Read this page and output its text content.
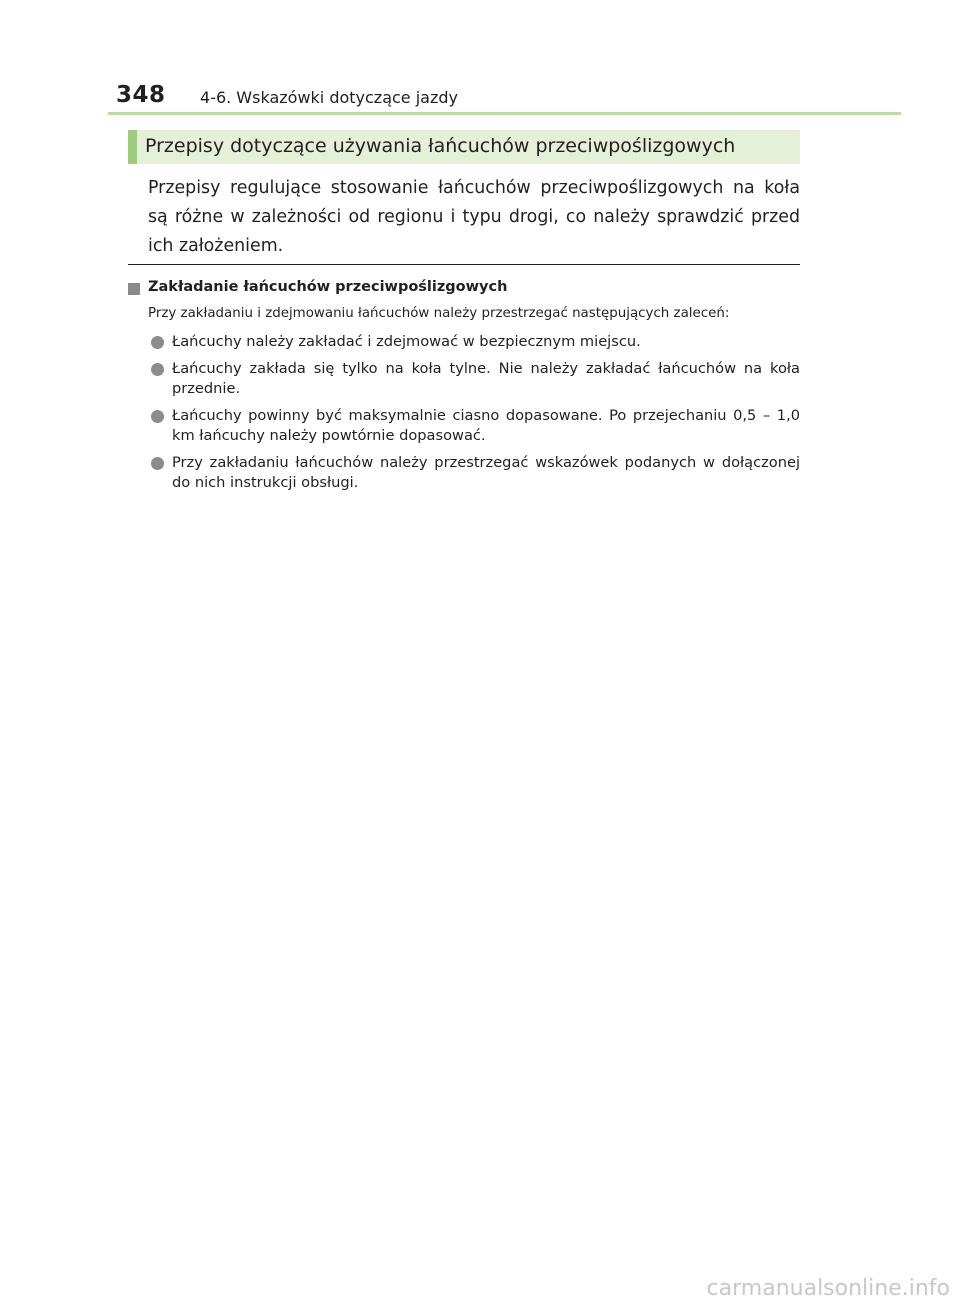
348 4-6. Wskazówki dotyczące jazdy
Przepisy dotyczące używania łańcuchów przeciwpoślizgowych

Przepisy regulujące stosowanie łańcuchów przeciwpoślizgowych na koła są różne w zależności od regionu i typu drogi, co należy sprawdzić przed ich założeniem.

Zakładanie łańcuchów przeciwpoślizgowych
Przy zakładaniu i zdejmowaniu łańcuchów należy przestrzegać następujących zaleceń:
Łańcuchy należy zakładać i zdejmować w bezpiecznym miejscu.
Łańcuchy zakłada się tylko na koła tylne. Nie należy zakładać łańcuchów na koła przednie.
Łańcuchy powinny być maksymalnie ciasno dopasowane. Po przejechaniu 0,5 – 1,0 km łańcuchy należy powtórnie dopasować.
Przy zakładaniu łańcuchów należy przestrzegać wskazówek podanych w dołączonej do nich instrukcji obsługi.
carmanualsonline.info
